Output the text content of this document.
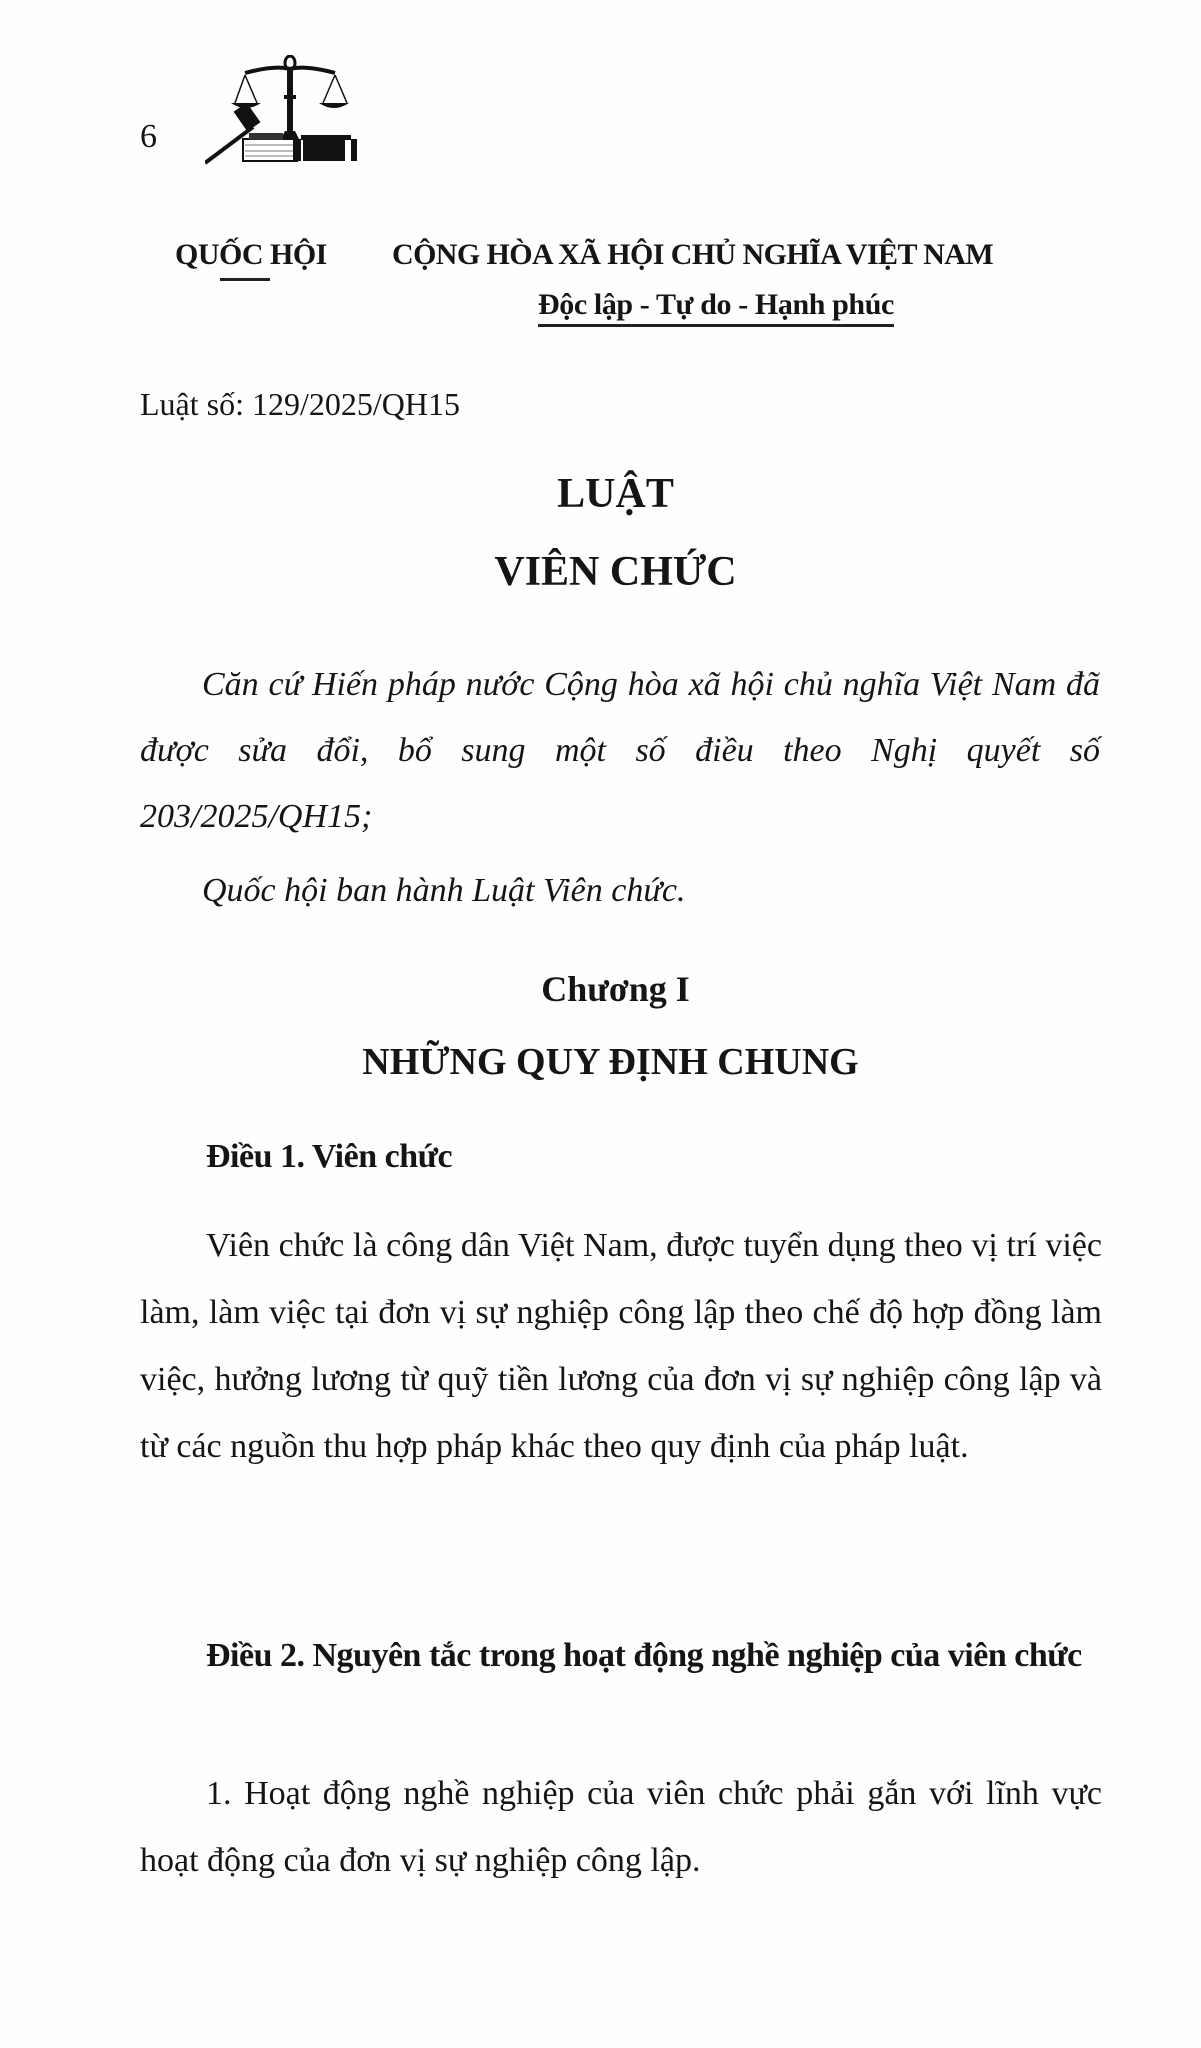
6
QUỐC HỘI CỘNG HÒA XÃ HỘI CHỦ NGHĨA VIỆT NAM
Độc lập - Tự do - Hạnh phúc
Luật số: 129/2025/QH15
LUẬT
VIÊN CHỨC

Căn cứ Hiến pháp nước Cộng hòa xã hội chủ nghĩa Việt Nam đã được sửa đổi, bổ sung một số điều theo Nghị quyết số 203/2025/QH15;

Quốc hội ban hành Luật Viên chức.

Chương I
NHỮNG QUY ĐỊNH CHUNG
Điều 1. Viên chức

Viên chức là công dân Việt Nam, được tuyển dụng theo vị trí việc làm, làm việc tại đơn vị sự nghiệp công lập theo chế độ hợp đồng làm việc, hưởng lương từ quỹ tiền lương của đơn vị sự nghiệp công lập và từ các nguồn thu hợp pháp khác theo quy định của pháp luật.

Điều 2. Nguyên tắc trong hoạt động nghề nghiệp của viên chức

1. Hoạt động nghề nghiệp của viên chức phải gắn với lĩnh vực hoạt động của đơn vị sự nghiệp công lập.
